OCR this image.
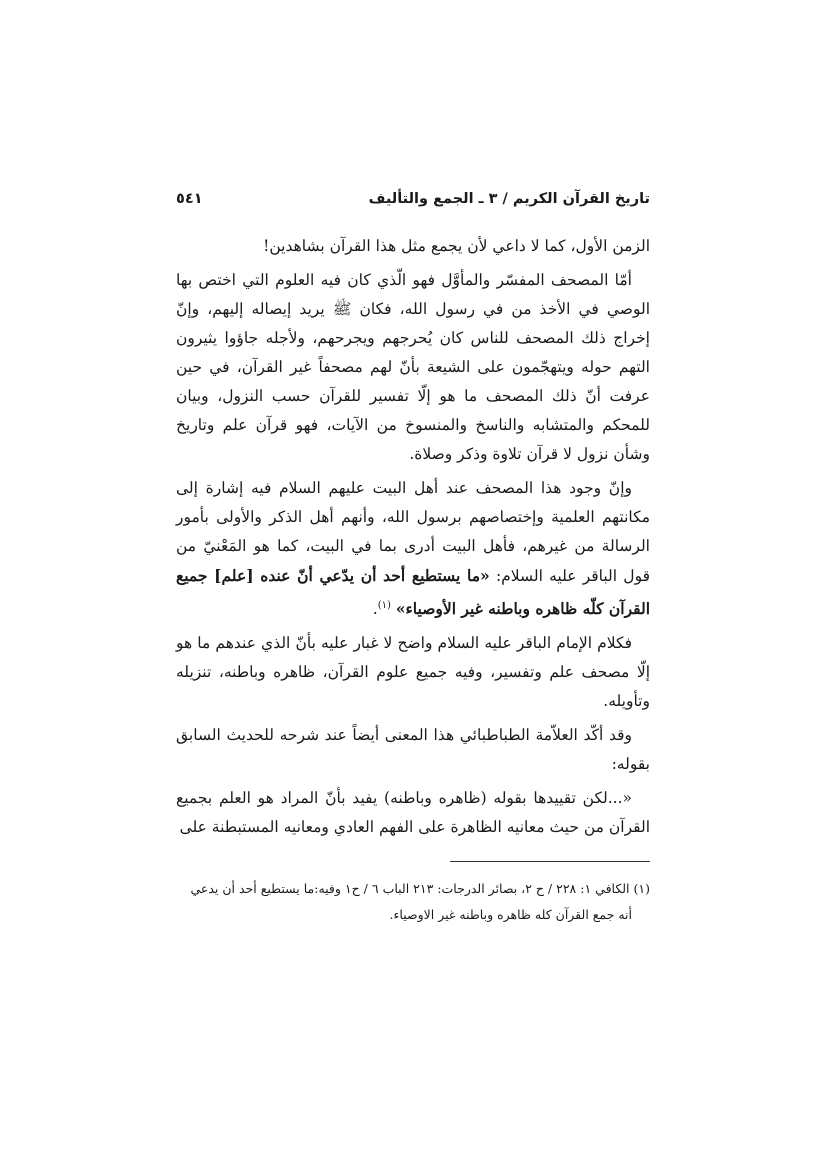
تاريخ القرآن الكريم / ٣ ـ الجمع والتأليف
٥٤١

الزمن الأول، كما لا داعي لأن يجمع مثل هذا القرآن بشاهدين!

أمّا المصحف المفسّر والمأوَّل فهو الّذي كان فيه العلوم التي اختص بها الوصي في الأخذ من في رسول الله، فكان ﷺ يريد إيصاله إليهم، وإنّ إخراج ذلك المصحف للناس كان يُحرجهم ويجرحهم، ولأجله جاؤوا يثيرون التهم حوله ويتهجّمون على الشيعة بأنّ لهم مصحفاً غير القرآن، في حين عرفت أنّ ذلك المصحف ما هو إلّا تفسير للقرآن حسب النزول، وبيان للمحكم والمتشابه والناسخ والمنسوخ من الآيات، فهو قرآن علم وتاريخ وشأن نزول لا قرآن تلاوة وذكر وصلاة.

وإنّ وجود هذا المصحف عند أهل البيت عليهم السلام فيه إشارة إلى مكانتهم العلمية وإختصاصهم برسول الله، وأنهم أهل الذكر والأولى بأمور الرسالة من غيرهم، فأهل البيت أدرى بما في البيت، كما هو المَعْنيّ من قول الباقر عليه السلام: «ما يستطيع أحد أن يدّعي أنّ عنده [علم] جميع القرآن كلّه ظاهره وباطنه غير الأوصياء» $^{(١)}$.

فكلام الإمام الباقر عليه السلام واضح لا غبار عليه بأنّ الذي عندهم ما هو إلّا مصحف علم وتفسير، وفيه جميع علوم القرآن، ظاهره وباطنه، تنزيله وتأويله.

وقد أكّد العلاّمة الطباطبائي هذا المعنى أيضاً عند شرحه للحديث السابق بقوله:

«...لكن تقييدها بقوله (ظاهره وباطنه) يفيد بأنّ المراد هو العلم بجميع القرآن من حيث معانيه الظاهرة على الفهم العادي ومعانيه المستبطنة على

(١) الكافي ١: ٢٢٨ / ح ٢، بصائر الدرجات: ٢١٣ الباب ٦ / ح١ وفيه:ما يستطيع أحد أن يدعي

أنه جمع القرآن كله ظاهره وباطنه غير الاوصياء.
